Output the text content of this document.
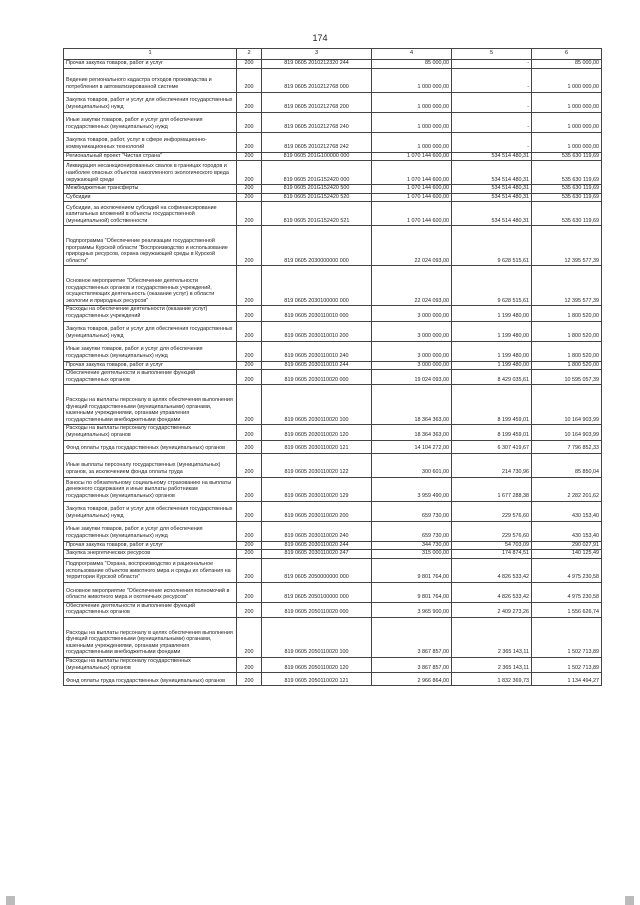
174
1	2	3	4	5	6
Прочая закупка товаров, работ и услуг	200	819 0605 2010212320 244	85 000,00	-	85 000,00
Ведение регионального кадастра отходов производства и потребления в автоматизированной системе	200	819 0605 2010212768 000	1 000 000,00	-	1 000 000,00
Закупка товаров, работ и услуг для обеспечения государственных (муниципальных) нужд	200	819 0605 2010212768 200	1 000 000,00	-	1 000 000,00
Иные закупки товаров, работ и услуг для обеспечения государственных (муниципальных) нужд	200	819 0605 2010212768 240	1 000 000,00	-	1 000 000,00
Закупка товаров, работ, услуг в сфере информационно-коммуникационных технологий	200	819 0605 2010212768 242	1 000 000,00	-	1 000 000,00
Региональный проект "Чистая страна"	200	819 0605 201G100000 000	1 070 144 600,00	534 514 480,31	535 630 119,69
Ликвидация несанкционированных свалок в границах городов и наиболее опасных объектов накопленного экологического вреда окружающей среде	200	819 0605 201G152420 000	1 070 144 600,00	534 514 480,31	535 630 119,69
Межбюджетные трансферты	200	819 0605 201G152420 500	1 070 144 600,00	534 514 480,31	535 630 119,69
Субсидии	200	819 0605 201G152420 520	1 070 144 600,00	534 514 480,31	535 630 119,69
Субсидии, за исключением субсидий на софинансирование капитальных вложений в объекты государственной (муниципальной) собственности	200	819 0605 201G152420 521	1 070 144 600,00	534 514 480,31	535 630 119,69
Подпрограмма "Обеспечение реализации государственной программы Курской области "Воспроизводство и использование природных ресурсов, охрана окружающей среды в Курской области"	200	819 0605 2030000000 000	22 024 093,00	9 628 515,61	12 395 577,39
Основное мероприятие "Обеспечение деятельности государственных органов и государственных учреждений, осуществляющих деятельность (оказание услуг) в области экологии и природных ресурсов"	200	819 0605 2030100000 000	22 024 093,00	9 628 515,61	12 395 577,39
Расходы на обеспечение деятельности (оказание услуг) государственных учреждений	200	819 0605 2030110010 000	3 000 000,00	1 199 480,00	1 800 520,00
Закупка товаров, работ и услуг для обеспечения государственных (муниципальных) нужд	200	819 0605 2030110010 200	3 000 000,00	1 199 480,00	1 800 520,00
Иные закупки товаров, работ и услуг для обеспечения государственных (муниципальных) нужд	200	819 0605 2030110010 240	3 000 000,00	1 199 480,00	1 800 520,00
Прочая закупка товаров, работ и услуг	200	819 0605 2030110010 244	3 000 000,00	1 199 480,00	1 800 520,00
Обеспечение деятельности и выполнение функций государственных органов	200	819 0605 2030110020 000	19 024 093,00	8 429 035,61	10 595 057,39
Расходы на выплаты персоналу в целях обеспечения выполнения функций государственными (муниципальными) органами, казенными учреждениями, органами управления государственными внебюджетными фондами	200	819 0605 2030110020 100	18 364 363,00	8 199 459,01	10 164 903,99
Расходы на выплаты персоналу государственных (муниципальных) органов	200	819 0605 2030110020 120	18 364 363,00	8 199 459,01	10 164 903,99
Фонд оплаты труда государственных (муниципальных) органов	200	819 0605 2030110020 121	14 104 272,00	6 307 419,67	7 796 852,33
Иные выплаты персоналу государственных (муниципальных) органов, за исключением фонда оплаты труда	200	819 0605 2030110020 122	300 601,00	214 730,96	85 850,04
Взносы по обязательному социальному страхованию на выплаты денежного содержания и иные выплаты работникам государственных (муниципальных) органов	200	819 0605 2030110020 129	3 959 490,00	1 677 288,38	2 282 201,62
Закупка товаров, работ и услуг для обеспечения государственных (муниципальных) нужд	200	819 0605 2030110020 200	659 730,00	229 576,60	430 153,40
Иные закупки товаров, работ и услуг для обеспечения государственных (муниципальных) нужд	200	819 0605 2030110020 240	659 730,00	229 576,60	430 153,40
Прочая закупка товаров, работ и услуг	200	819 0605 2030110020 244	344 730,00	54 703,09	290 027,91
Закупка энергетических ресурсов	200	819 0605 2030110020 247	315 000,00	174 874,51	140 125,49
Подпрограмма "Охрана, воспроизводство и рациональное использование объектов животного мира и среды их обитания на территории Курской области"	200	819 0605 2050000000 000	9 801 764,00	4 826 533,42	4 975 230,58
Основное мероприятие "Обеспечение исполнения полномочий в области животного мира и охотничьих ресурсов"	200	819 0605 2050100000 000	9 801 764,00	4 826 533,42	4 975 230,58
Обеспечение деятельности и выполнение функций государственных органов	200	819 0605 2050110020 000	3 965 900,00	2 409 273,26	1 556 626,74
Расходы на выплаты персоналу в целях обеспечения выполнения функций государственными (муниципальными) органами, казенными учреждениями, органами управления государственными внебюджетными фондами	200	819 0605 2050110020 100	3 867 857,00	2 365 143,11	1 502 713,89
Расходы на выплаты персоналу государственных (муниципальных) органов	200	819 0605 2050110020 120	3 867 857,00	2 365 143,11	1 502 713,89
Фонд оплаты труда государственных (муниципальных) органов	200	819 0605 2050110020 121	2 966 864,00	1 832 369,73	1 134 494,27
